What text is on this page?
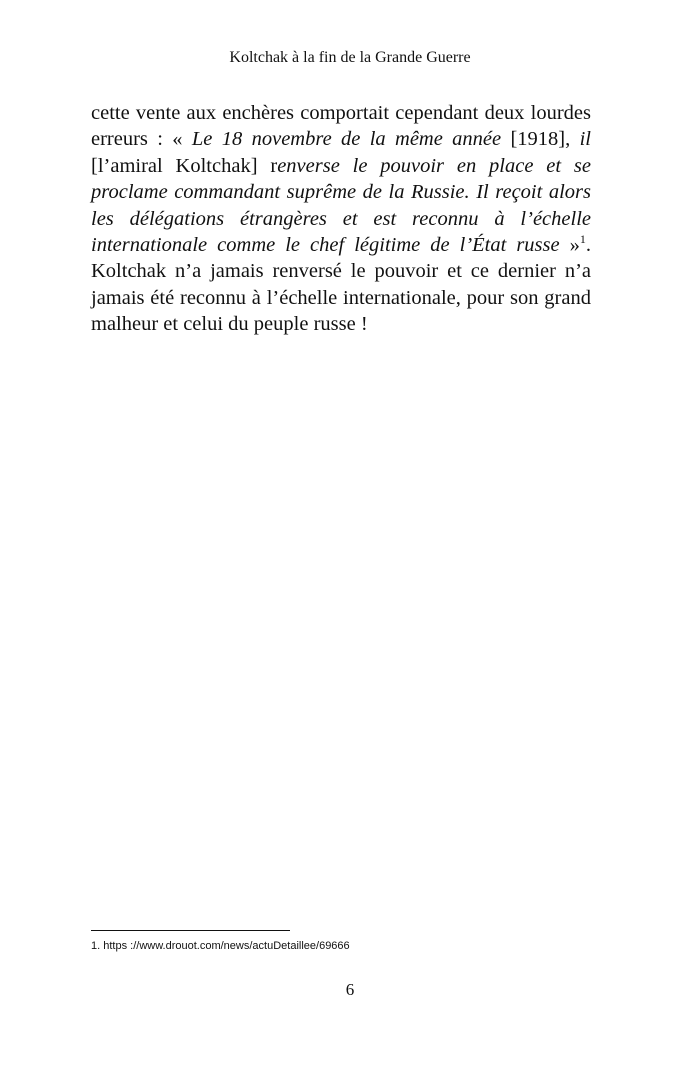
Koltchak à la fin de la Grande Guerre

cette vente aux enchères comportait cependant deux lourdes erreurs : « Le 18 novembre de la même année [1918], il [l’amiral Koltchak] renverse le pouvoir en place et se proclame commandant suprême de la Russie. Il reçoit alors les délégations étrangères et est reconnu à l’échelle internationale comme le chef légitime de l’État russe »$^1$. Koltchak n’a jamais renversé le pouvoir et ce dernier n’a jamais été reconnu à l’échelle internationale, pour son grand malheur et celui du peuple russe !

1. https ://www.drouot.com/news/actuDetaillee/69666
6
